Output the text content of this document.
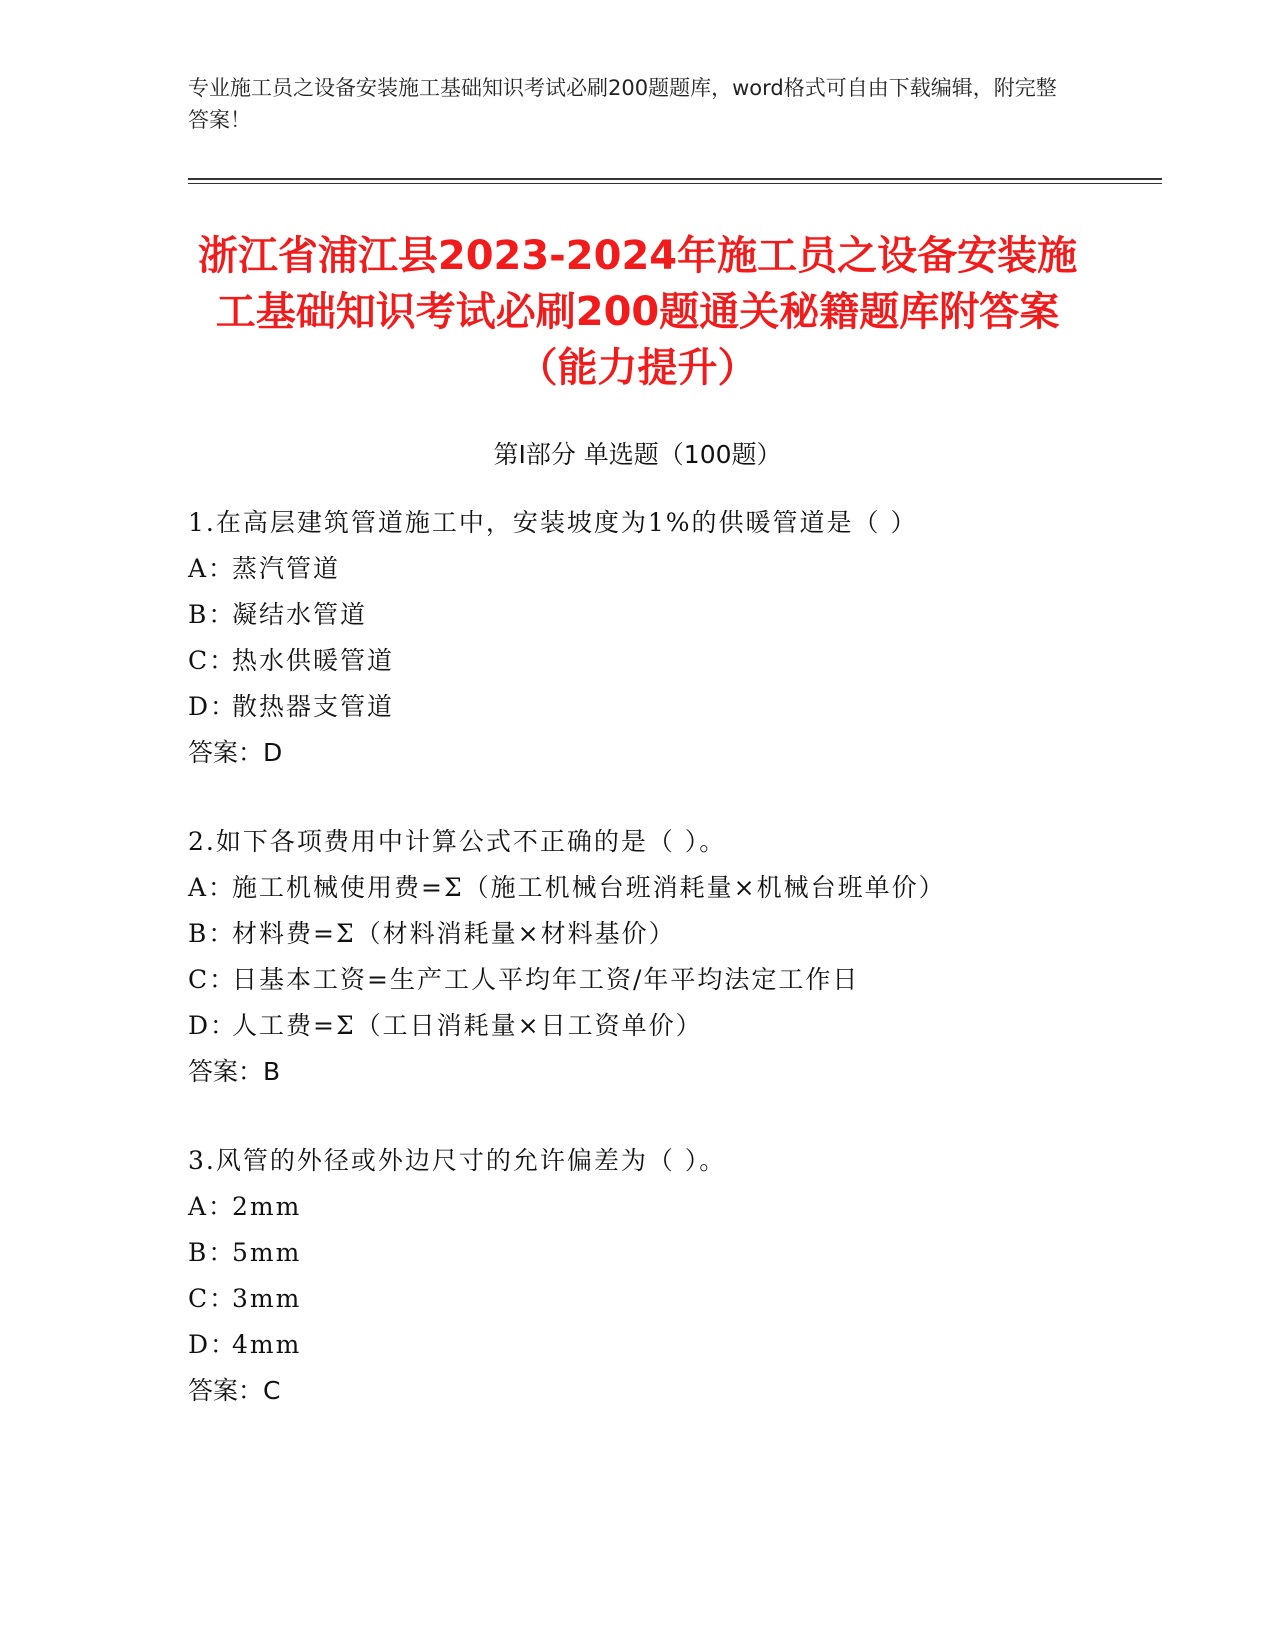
专业施工员之设备安装施工基础知识考试必刷200题题库，word格式可自由下载编辑，附完整答案！
浙江省浦江县2023-2024年施工员之设备安装施工基础知识考试必刷200题通关秘籍题库附答案（能力提升）
第Ⅰ部分 单选题（100题）
1.在高层建筑管道施工中，安装坡度为1%的供暖管道是（ ）
A：蒸汽管道
B：凝结水管道
C：热水供暖管道
D：散热器支管道
答案：D
2.如下各项费用中计算公式不正确的是（ ）。
A：施工机械使用费=Σ（施工机械台班消耗量×机械台班单价）
B：材料费=Σ（材料消耗量×材料基价）
C：日基本工资=生产工人平均年工资/年平均法定工作日
D：人工费=Σ（工日消耗量×日工资单价）
答案：B
3.风管的外径或外边尺寸的允许偏差为（ ）。
A：2mm
B：5mm
C：3mm
D：4mm
答案：C
